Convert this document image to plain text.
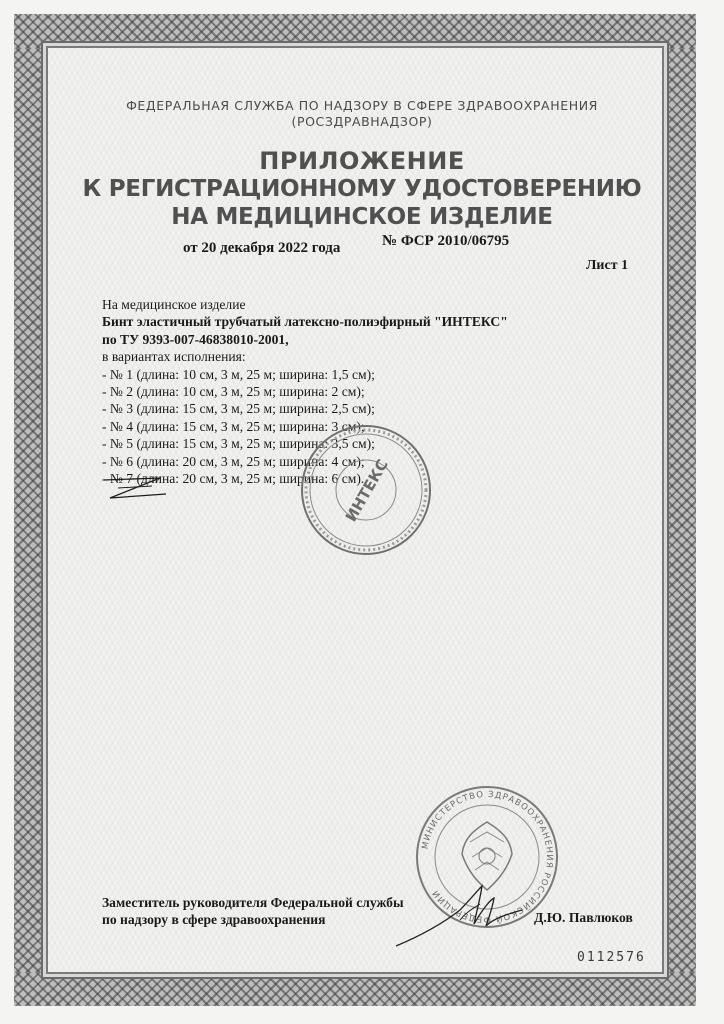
ФЕДЕРАЛЬНАЯ СЛУЖБА ПО НАДЗОРУ В СФЕРЕ ЗДРАВООХРАНЕНИЯ
(РОСЗДРАВНАДЗОР)
ПРИЛОЖЕНИЕ
К РЕГИСТРАЦИОННОМУ УДОСТОВЕРЕНИЮ
НА МЕДИЦИНСКОЕ ИЗДЕЛИЕ
от 20 декабря 2022 года	№ ФСР 2010/06795
Лист 1
На медицинское изделие
Бинт эластичный трубчатый латексно-полиэфирный "ИНТЕКС"
по ТУ 9393-007-46838010-2001,
в вариантах исполнения:
- № 1 (длина: 10 см, 3 м, 25 м; ширина: 1,5 см);
- № 2 (длина: 10 см, 3 м, 25 м; ширина: 2 см);
- № 3 (длина: 15 см, 3 м, 25 м; ширина: 2,5 см);
- № 4 (длина: 15 см, 3 м, 25 м; ширина: 3 см);
- № 5 (длина: 15 см, 3 м, 25 м; ширина: 3,5 см);
- № 6 (длина: 20 см, 3 м, 25 м; ширина: 4 см);
- № 7 (длина: 20 см, 3 м, 25 м; ширина: 6 см).
ИНТЕКС
МИНИСТЕРСТВО ЗДРАВООХРАНЕНИЯ РОССИЙСКОЙ ФЕДЕРАЦИИ
Заместитель руководителя Федеральной службы
по надзору в сфере здравоохранения	Д.Ю. Павлюков
0112576
